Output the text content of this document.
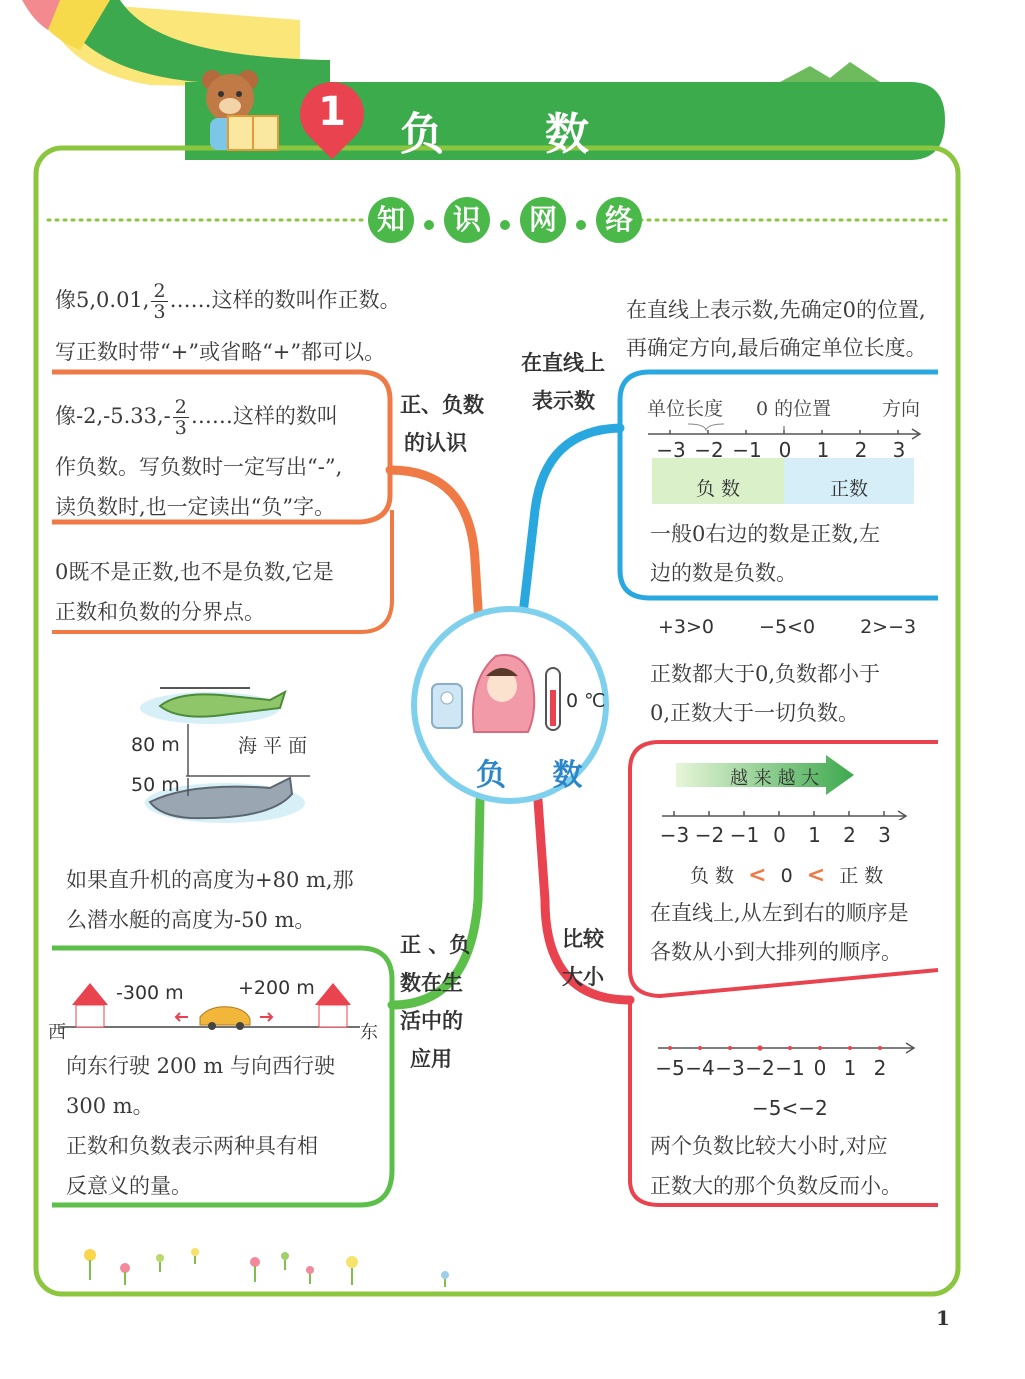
1	负 数
知 识 网 络
0 ℃
负 数
正、负数
的认识
像5,0.01, $\frac{2}{3}$ ……这样的数叫作正数。
写正数时带“+”或省略“+”都可以。
像$-2,-5.33,- \frac{2}{3}$ ……这样的数叫
作负数。写负数时一定写出“-”,
读负数时,也一定读出“负”字。
0既不是正数,也不是负数,它是
正数和负数的分界点。
80 m	海 平 面
50 m
如果直升机的高度为+80 m,那
么潜水艇的高度为-50 m。
正 、负
数在生
活中的
应用
-300 m	+200 m
西	东
向东行驶 200 m 与向西行驶
300 m。
正数和负数表示两种具有相
反意义的量。
在直线上
表示数
在直线上表示数,先确定0的位置,
再确定方向,最后确定单位长度。
单位长度 0 的位置	方向
−3 −2 −1 0 1 2 3
负 数	正数
一般0右边的数是正数,左
边的数是负数。
+3>0 −5<0 2>−3
正数都大于0,负数都小于
0,正数大于一切负数。
比较
大小
越 来 越 大
−3 −2 −1 0 1 2 3
负 数 < 0 < 正 数
在直线上,从左到右的顺序是
各数从小到大排列的顺序。
−5−4−3−2−1 0 1 2
−5<−2
两个负数比较大小时,对应
正数大的那个负数反而小。
1
